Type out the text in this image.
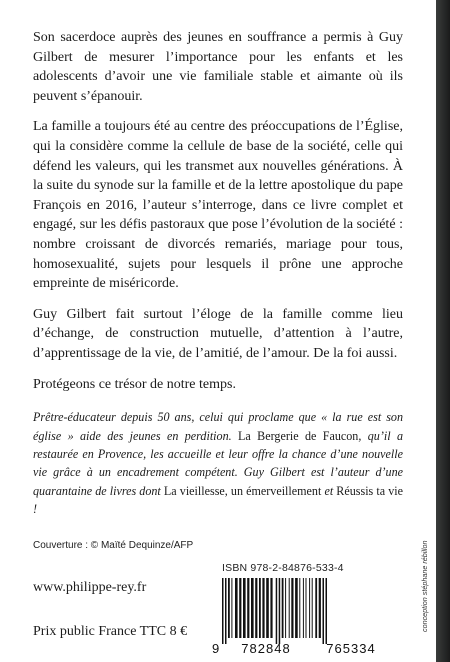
Son sacerdoce auprès des jeunes en souffrance a permis à Guy Gilbert de mesurer l’importance pour les enfants et les adolescents d’avoir une vie familiale stable et aimante où ils peuvent s’épanouir.

La famille a toujours été au centre des préoccupations de l’Église, qui la considère comme la cellule de base de la société, celle qui défend les valeurs, qui les transmet aux nouvelles générations. À la suite du synode sur la famille et de la lettre apostolique du pape François en 2016, l’auteur s’interroge, dans ce livre complet et engagé, sur les défis pastoraux que pose l’évolution de la société : nombre croissant de divorcés remariés, mariage pour tous, homosexualité, sujets pour lesquels il prône une approche empreinte de miséricorde.

Guy Gilbert fait surtout l’éloge de la famille comme lieu d’échange, de construction mutuelle, d’attention à l’autre, d’apprentissage de la vie, de l’amitié, de l’amour. De la foi aussi.

Protégeons ce trésor de notre temps.

Prêtre-éducateur depuis 50 ans, celui qui proclame que « la rue est son église » aide des jeunes en perdition. La Bergerie de Faucon, qu’il a restaurée en Provence, les accueille et leur offre la chance d’une nouvelle vie grâce à un encadrement compétent. Guy Gilbert est l’auteur d’une quarantaine de livres dont La vieillesse, un émerveillement et Réussis ta vie !
Couverture : © Maïté Dequinze/AFP
www.philippe-rey.fr
Prix public France TTC 8 €
ISBN 978-2-84876-533-4
9 782848	765334
conception stéphane rébillon
